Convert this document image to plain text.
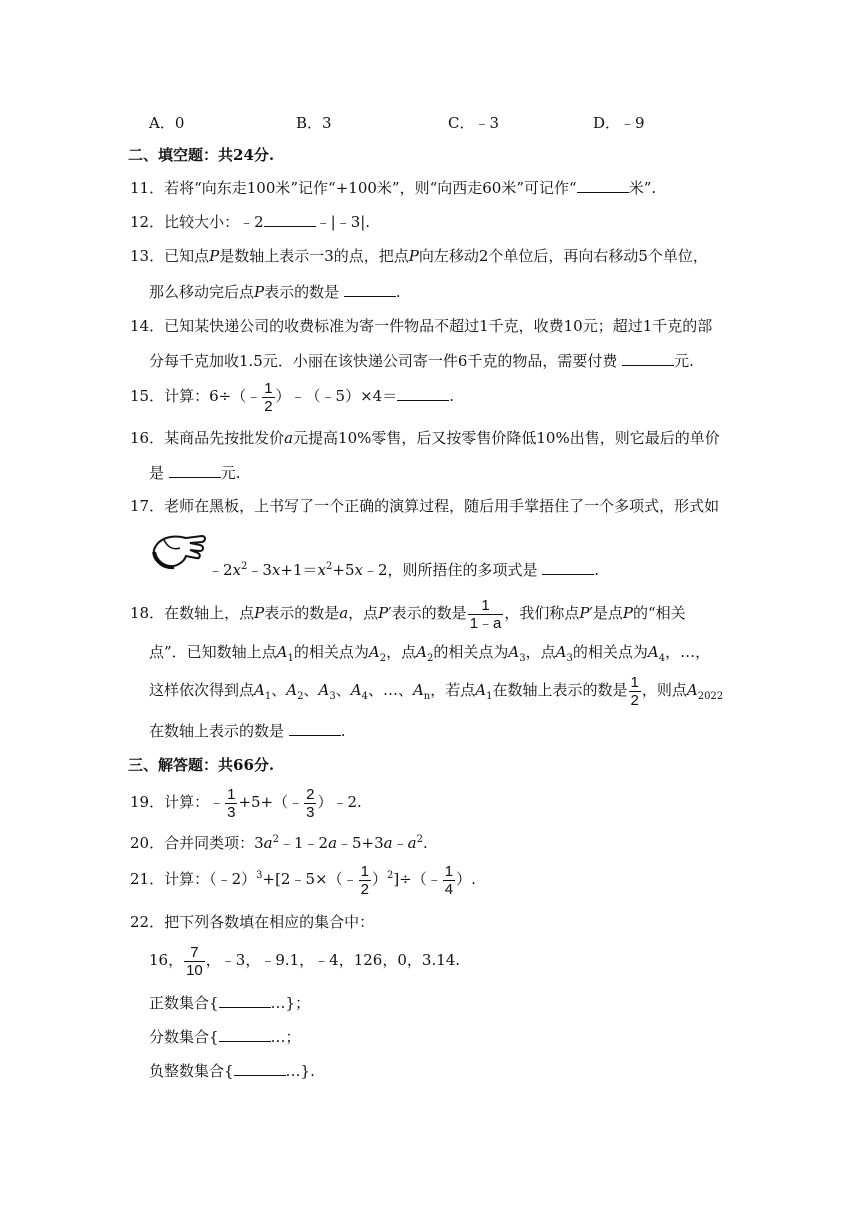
A．0	B．3	C．﹣3	D．﹣9
二、填空题：共24分.
11．若将“向东走100米”记作“+100米”，则“向西走60米”可记作“	米”.
12．比较大小：﹣2	﹣|﹣3|.
13．已知点P是数轴上表示一3的点，把点P向左移动2个单位后，再向右移动5个单位，
那么移动完后点P表示的数是	.
14．已知某快递公司的收费标准为寄一件物品不超过1千克，收费10元；超过1千克的部
分每千克加收1.5元．小丽在该快递公司寄一件6千克的物品，需要付费	元.
15．计算：6÷（﹣ $\frac{1}{2}$ ）﹣（﹣5）×4＝	.
16．某商品先按批发价a元提高10%零售，后又按零售价降低10%出售，则它最后的单价
是	元.
17．老师在黑板，上书写了一个正确的演算过程，随后用手掌捂住了一个多项式，形式如
$﹣2x^2﹣3x+1=x^2+5x﹣2$，则所捂住的多项式是	.
18．在数轴上，点P表示的数是a，点P′表示的数是 $\frac{1}{1﹣a}$ ，我们称点P′是点P的“相关
点”．已知数轴上点$A_1$的相关点为$A_2$，点$A_2$的相关点为$A_3$，点$A_3$的相关点为$A_4$，…，
这样依次得到点$A_1$、$A_2$、$A_3$、$A_4$、…、$A_n$，若点$A_1$在数轴上表示的数是 $\frac{1}{2}$ ，则点$A_{2022}$
在数轴上表示的数是	.
三、解答题：共66分.
19．计算：﹣ $\frac{1}{3}$ +5+（﹣ $\frac{2}{3}$ ）﹣2.
20．合并同类项：$3a^2﹣1﹣2a﹣5+3a﹣a^2$.
21．计算：（﹣2）$^3$+[2﹣5×（﹣ $\frac{1}{2}$ ）$^2$]÷（﹣ $\frac{1}{4}$ ）.
22．把下列各数填在相应的集合中：
16， $\frac{7}{10}$ ，﹣3，﹣9.1，﹣4，126，0，3.14.
正数集合{	…}；
分数集合{	…；
负整数集合{	…}.
